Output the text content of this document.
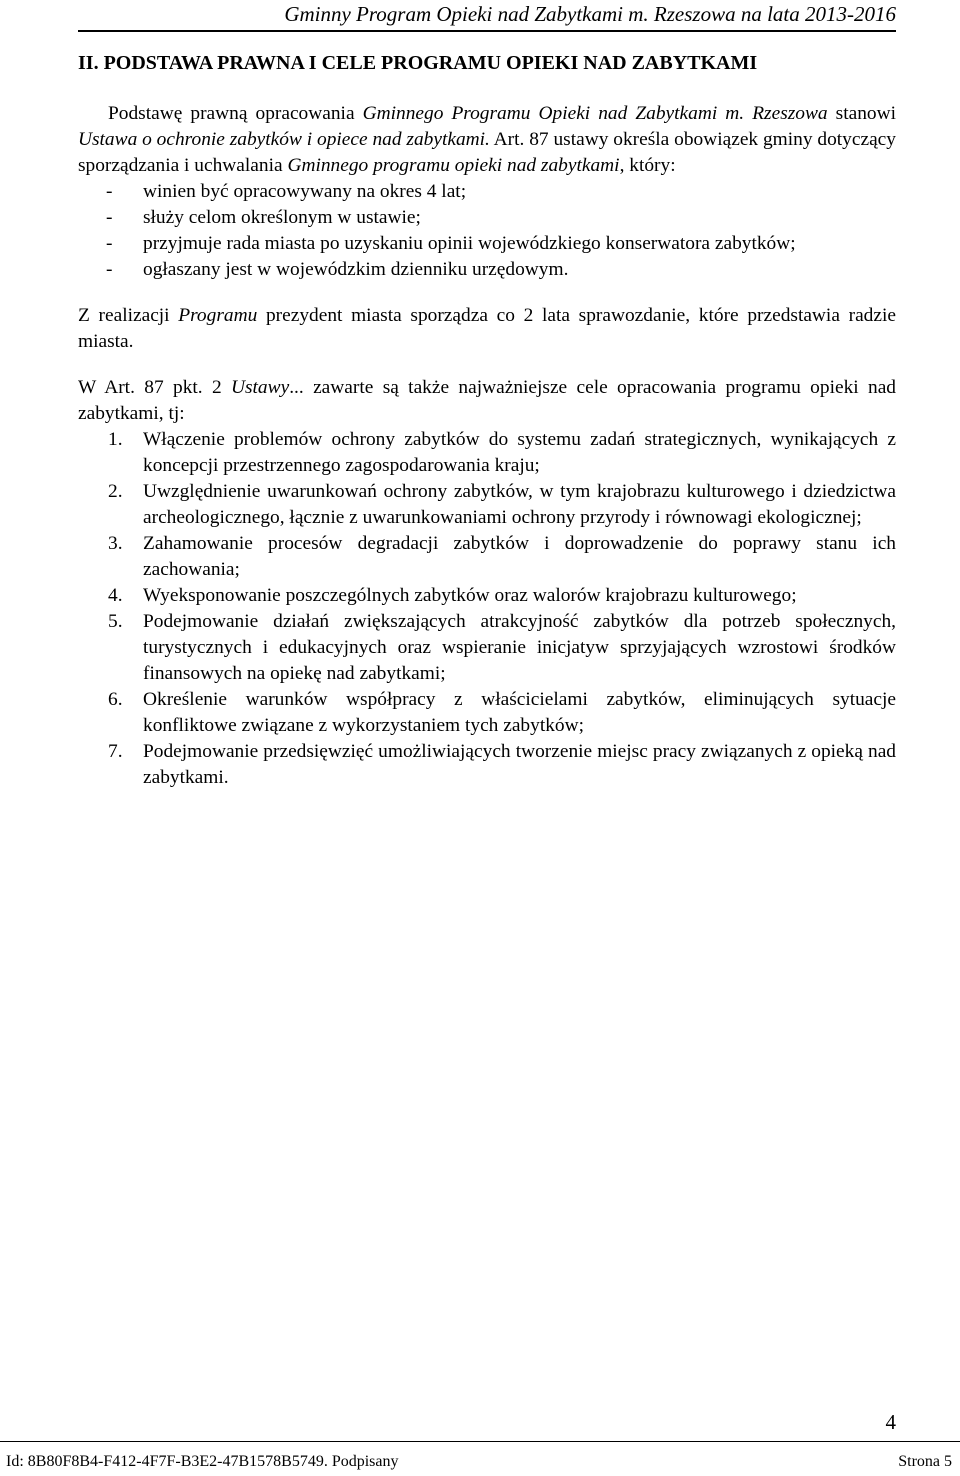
Gminny Program Opieki nad Zabytkami m. Rzeszowa na lata 2013-2016
II. PODSTAWA PRAWNA I CELE PROGRAMU OPIEKI NAD ZABYTKAMI

Podstawę prawną opracowania Gminnego Programu Opieki nad Zabytkami m. Rzeszowa stanowi Ustawa o ochronie zabytków i opiece nad zabytkami. Art. 87 ustawy określa obowiązek gminy dotyczący sporządzania i uchwalania Gminnego programu opieki nad zabytkami, który:

- winien być opracowywany na okres 4 lat;
- służy celom określonym w ustawie;
- przyjmuje rada miasta po uzyskaniu opinii wojewódzkiego konserwatora zabytków;
- ogłaszany jest w wojewódzkim dzienniku urzędowym.

Z realizacji Programu prezydent miasta sporządza co 2 lata sprawozdanie, które przedstawia radzie miasta.

W Art. 87 pkt. 2 Ustawy... zawarte są także najważniejsze cele opracowania programu opieki nad zabytkami, tj:

1. Włączenie problemów ochrony zabytków do systemu zadań strategicznych, wynikających z koncepcji przestrzennego zagospodarowania kraju;
2. Uwzględnienie uwarunkowań ochrony zabytków, w tym krajobrazu kulturowego i dziedzictwa archeologicznego, łącznie z uwarunkowaniami ochrony przyrody i równowagi ekologicznej;
3. Zahamowanie procesów degradacji zabytków i doprowadzenie do poprawy stanu ich zachowania;
4. Wyeksponowanie poszczególnych zabytków oraz walorów krajobrazu kulturowego;
5. Podejmowanie działań zwiększających atrakcyjność zabytków dla potrzeb społecznych, turystycznych i edukacyjnych oraz wspieranie inicjatyw sprzyjających wzrostowi środków finansowych na opiekę nad zabytkami;
6. Określenie warunków współpracy z właścicielami zabytków, eliminujących sytuacje konfliktowe związane z wykorzystaniem tych zabytków;
7. Podejmowanie przedsięwzięć umożliwiających tworzenie miejsc pracy związanych z opieką nad zabytkami.
4
Id: 8B80F8B4-F412-4F7F-B3E2-47B1578B5749. Podpisany	Strona 5
